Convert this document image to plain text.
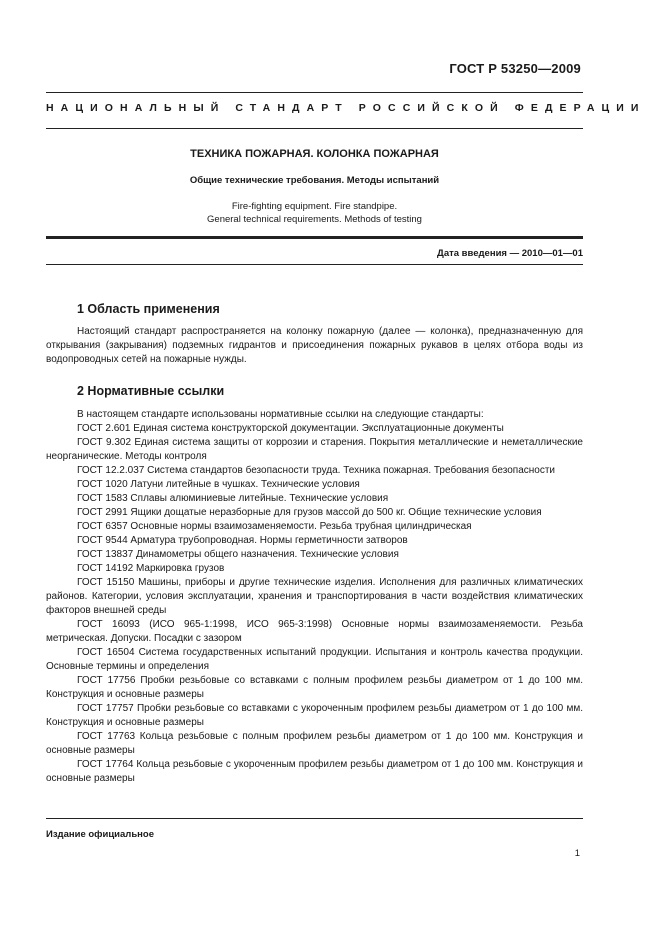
ГОСТ Р 53250—2009
НАЦИОНАЛЬНЫЙ СТАНДАРТ РОССИЙСКОЙ ФЕДЕРАЦИИ
ТЕХНИКА ПОЖАРНАЯ. КОЛОНКА ПОЖАРНАЯ
Общие технические требования. Методы испытаний
Fire-fighting equipment. Fire standpipe.
General technical requirements. Methods of testing
Дата введения — 2010—01—01
1 Область применения

Настоящий стандарт распространяется на колонку пожарную (далее — колонка), предназначенную для открывания (закрывания) подземных гидрантов и присоединения пожарных рукавов в целях отбора воды из водопроводных сетей на пожарные нужды.

2 Нормативные ссылки

В настоящем стандарте использованы нормативные ссылки на следующие стандарты:

ГОСТ 2.601 Единая система конструкторской документации. Эксплуатационные документы

ГОСТ 9.302 Единая система защиты от коррозии и старения. Покрытия металлические и неметаллические неорганические. Методы контроля

ГОСТ 12.2.037 Система стандартов безопасности труда. Техника пожарная. Требования безопасности

ГОСТ 1020 Латуни литейные в чушках. Технические условия

ГОСТ 1583 Сплавы алюминиевые литейные. Технические условия

ГОСТ 2991 Ящики дощатые неразборные для грузов массой до 500 кг. Общие технические условия

ГОСТ 6357 Основные нормы взаимозаменяемости. Резьба трубная цилиндрическая

ГОСТ 9544 Арматура трубопроводная. Нормы герметичности затворов

ГОСТ 13837 Динамометры общего назначения. Технические условия

ГОСТ 14192 Маркировка грузов

ГОСТ 15150 Машины, приборы и другие технические изделия. Исполнения для различных климатических районов. Категории, условия эксплуатации, хранения и транспортирования в части воздействия климатических факторов внешней среды

ГОСТ 16093 (ИСО 965-1:1998, ИСО 965-3:1998) Основные нормы взаимозаменяемости. Резьба метрическая. Допуски. Посадки с зазором

ГОСТ 16504 Система государственных испытаний продукции. Испытания и контроль качества продукции. Основные термины и определения

ГОСТ 17756 Пробки резьбовые со вставками с полным профилем резьбы диаметром от 1 до 100 мм. Конструкция и основные размеры

ГОСТ 17757 Пробки резьбовые со вставками с укороченным профилем резьбы диаметром от 1 до 100 мм. Конструкция и основные размеры

ГОСТ 17763 Кольца резьбовые с полным профилем резьбы диаметром от 1 до 100 мм. Конструкция и основные размеры

ГОСТ 17764 Кольца резьбовые с укороченным профилем резьбы диаметром от 1 до 100 мм. Конструкция и основные размеры

Издание официальное
1
